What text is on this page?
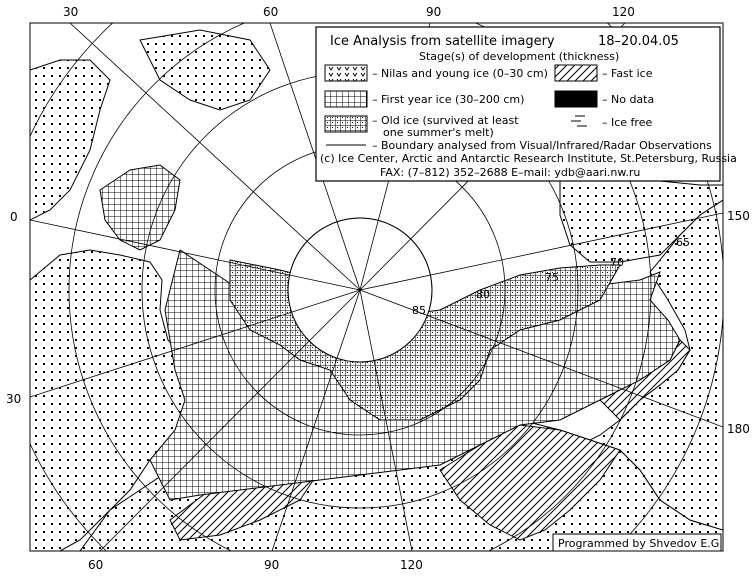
85
80
75
70
65
30	60	90	120
60	90	120
0
30
150
180
Ice Analysis from satellite imagery	18–20.04.05
Stage(s) of development (thickness)
– Nilas and young ice (0–30 cm)	– Fast ice
– First year ice (30–200 cm)	– No data
– Old ice (survived at least
one summer's melt)
– Ice free
– Boundary analysed from Visual/Infrared/Radar Observations
(c) Ice Center, Arctic and Antarctic Research Institute, St.Petersburg, Russia
FAX: (7–812) 352–2688 E–mail: ydb@aari.nw.ru
Programmed by Shvedov E.G.
